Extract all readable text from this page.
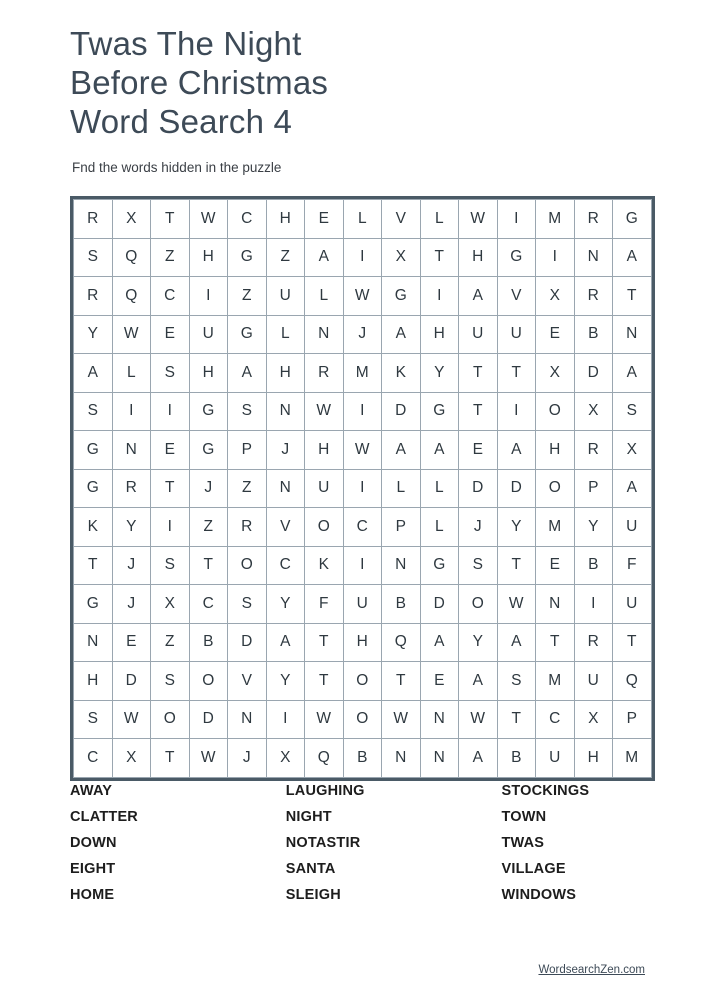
Twas The Night
Before Christmas
Word Search 4
Fnd the words hidden in the puzzle
R	X	T	W	C	H	E	L	V	L	W	I	M	R	G
S	Q	Z	H	G	Z	A	I	X	T	H	G	I	N	A
R	Q	C	I	Z	U	L	W	G	I	A	V	X	R	T
Y	W	E	U	G	L	N	J	A	H	U	U	E	B	N
A	L	S	H	A	H	R	M	K	Y	T	T	X	D	A
S	I	I	G	S	N	W	I	D	G	T	I	O	X	S
G	N	E	G	P	J	H	W	A	A	E	A	H	R	X
G	R	T	J	Z	N	U	I	L	L	D	D	O	P	A
K	Y	I	Z	R	V	O	C	P	L	J	Y	M	Y	U
T	J	S	T	O	C	K	I	N	G	S	T	E	B	F
G	J	X	C	S	Y	F	U	B	D	O	W	N	I	U
N	E	Z	B	D	A	T	H	Q	A	Y	A	T	R	T
H	D	S	O	V	Y	T	O	T	E	A	S	M	U	Q
S	W	O	D	N	I	W	O	W	N	W	T	C	X	P
C	X	T	W	J	X	Q	B	N	N	A	B	U	H	M
AWAY
CLATTER
DOWN
EIGHT
HOME
LAUGHING
NIGHT
NOTASTIR
SANTA
SLEIGH
STOCKINGS
TOWN
TWAS
VILLAGE
WINDOWS
WordsearchZen.com
